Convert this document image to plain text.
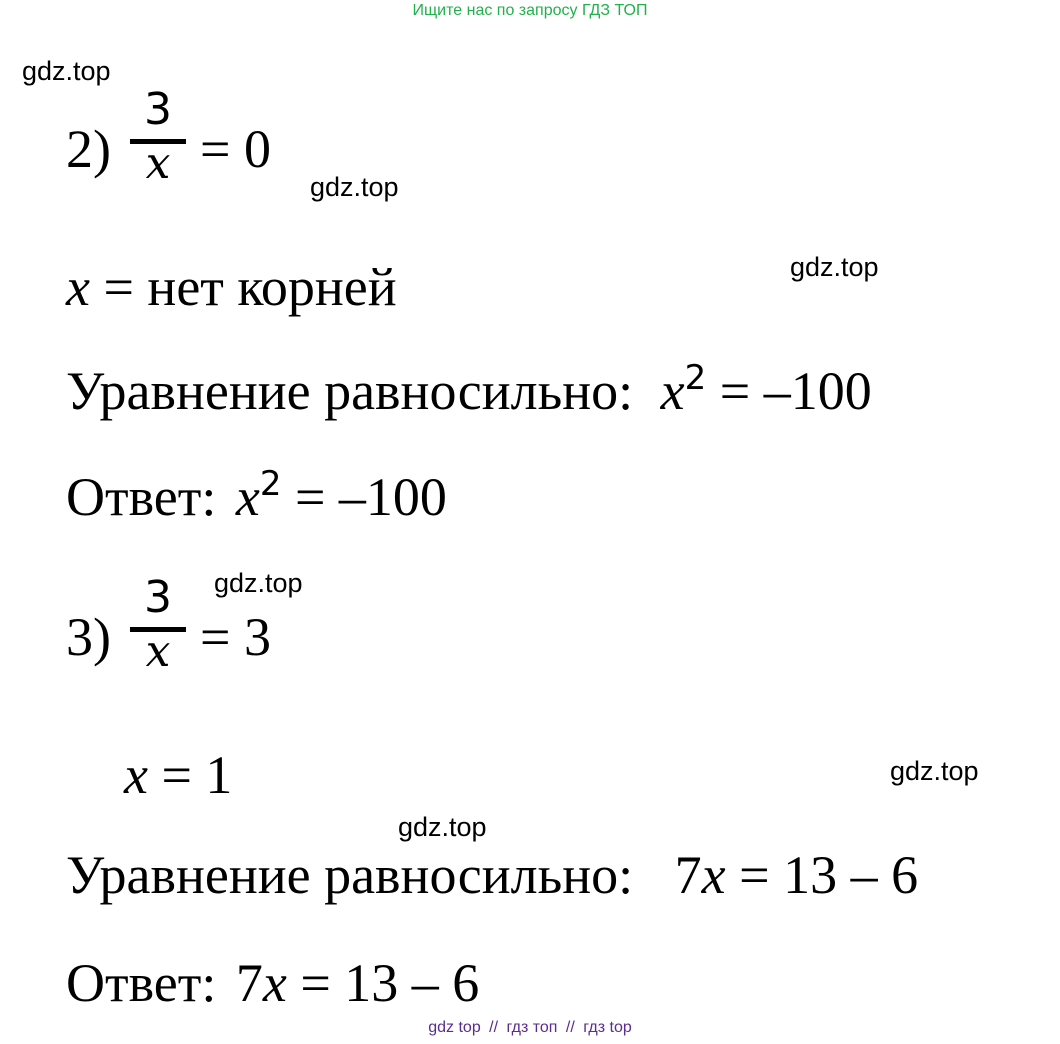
Ищите нас по запросу ГДЗ ТОП
gdz.top
gdz.top
gdz.top
gdz.top
gdz.top
gdz.top
2)
3
x = 0
x = нет корней
Уравнение равносильно: $x^2 = -100$
Ответ: $x^2 = -100$
3)
3
x = 3
x = 1
Уравнение равносильно: 7x = 13 – 6
Ответ: 7x = 13 – 6
gdz top // гдз топ // гдз top
